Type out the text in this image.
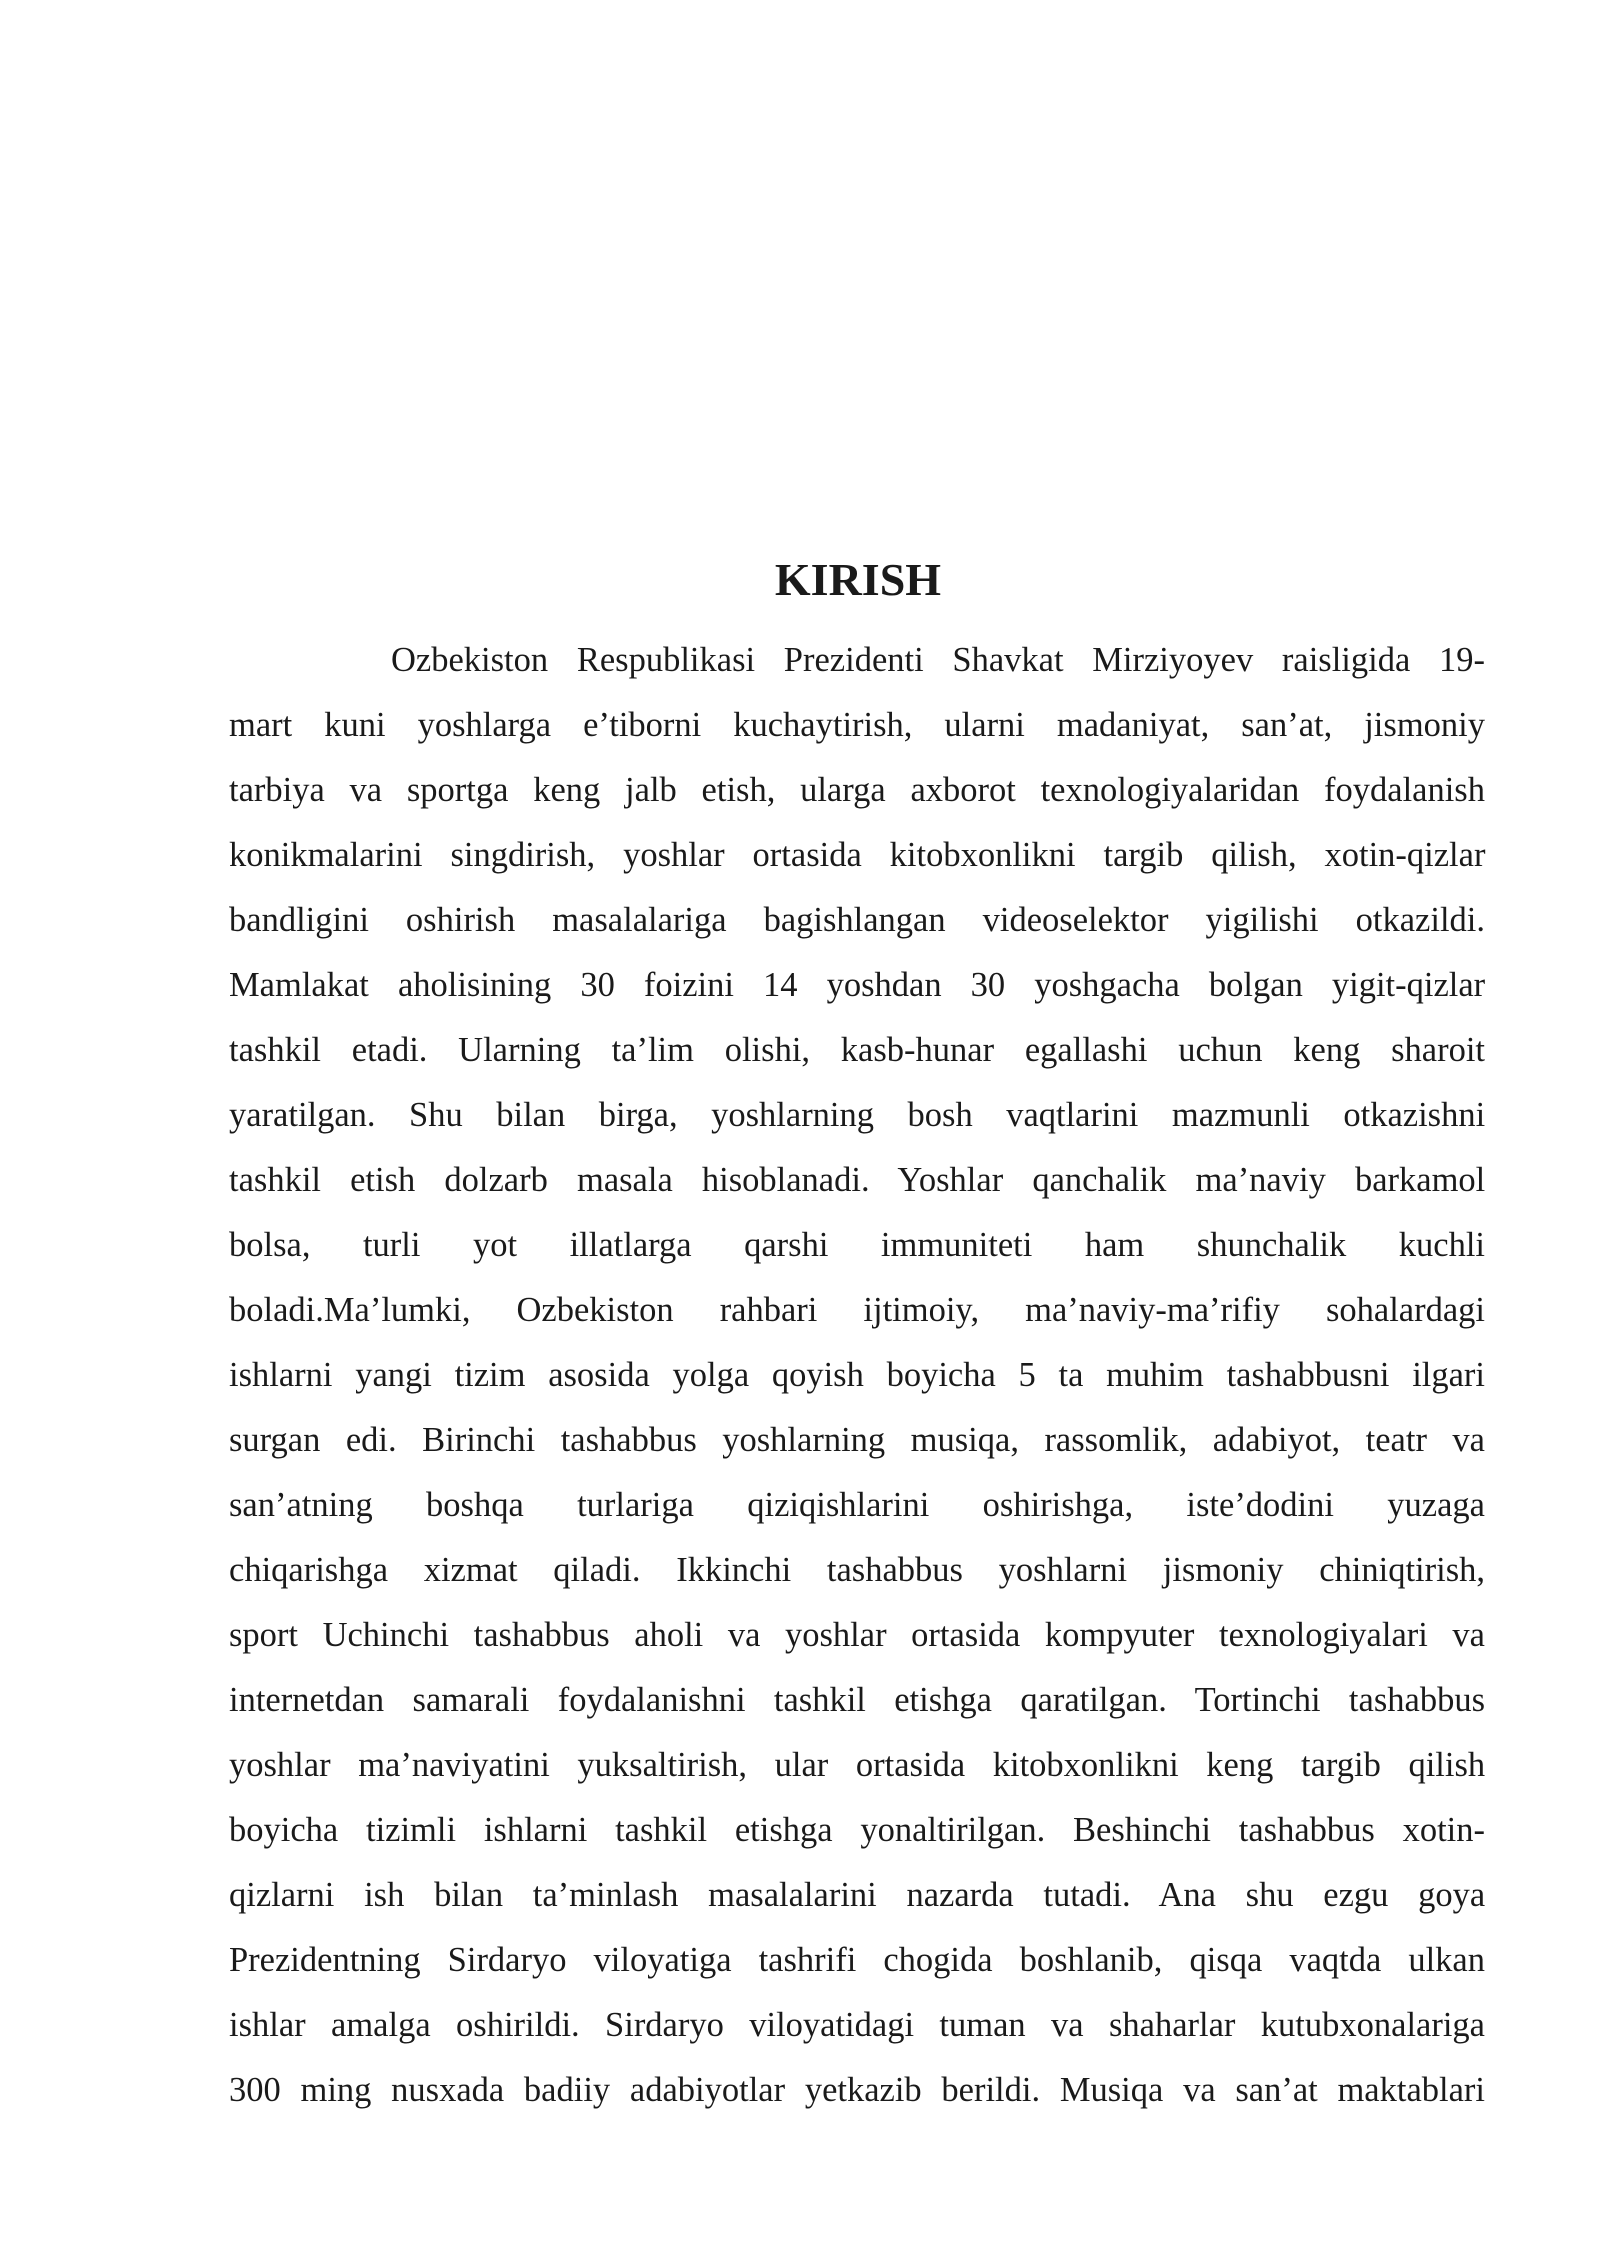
KIRISH
Ozbekiston Respublikasi Prezidenti Shavkat Mirziyoyev raisligida 19-
mart kuni yoshlarga e’tiborni kuchaytirish, ularni madaniyat, san’at, jismoniy
tarbiya va sportga keng jalb etish, ularga axborot texnologiyalaridan foydalanish
konikmalarini singdirish, yoshlar ortasida kitobxonlikni targib qilish, xotin-qizlar
bandligini oshirish masalalariga bagishlangan videoselektor yigilishi otkazildi.
Mamlakat aholisining 30 foizini 14 yoshdan 30 yoshgacha bolgan yigit-qizlar
tashkil etadi. Ularning ta’lim olishi, kasb-hunar egallashi uchun keng sharoit
yaratilgan. Shu bilan birga, yoshlarning bosh vaqtlarini mazmunli otkazishni
tashkil etish dolzarb masala hisoblanadi. Yoshlar qanchalik ma’naviy barkamol
bolsa, turli yot illatlarga qarshi immuniteti ham shunchalik kuchli
boladi.Ma’lumki, Ozbekiston rahbari ijtimoiy, ma’naviy-ma’rifiy sohalardagi
ishlarni yangi tizim asosida yolga qoyish boyicha 5 ta muhim tashabbusni ilgari
surgan edi. Birinchi tashabbus yoshlarning musiqa, rassomlik, adabiyot, teatr va
san’atning boshqa turlariga qiziqishlarini oshirishga, iste’dodini yuzaga
chiqarishga xizmat qiladi. Ikkinchi tashabbus yoshlarni jismoniy chiniqtirish,
sport Uchinchi tashabbus aholi va yoshlar ortasida kompyuter texnologiyalari va
internetdan samarali foydalanishni tashkil etishga qaratilgan. Tortinchi tashabbus
yoshlar ma’naviyatini yuksaltirish, ular ortasida kitobxonlikni keng targib qilish
boyicha tizimli ishlarni tashkil etishga yonaltirilgan. Beshinchi tashabbus xotin-
qizlarni ish bilan ta’minlash masalalarini nazarda tutadi. Ana shu ezgu goya
Prezidentning Sirdaryo viloyatiga tashrifi chogida boshlanib, qisqa vaqtda ulkan
ishlar amalga oshirildi. Sirdaryo viloyatidagi tuman va shaharlar kutubxonalariga
300 ming nusxada badiiy adabiyotlar yetkazib berildi. Musiqa va san’at maktablari
